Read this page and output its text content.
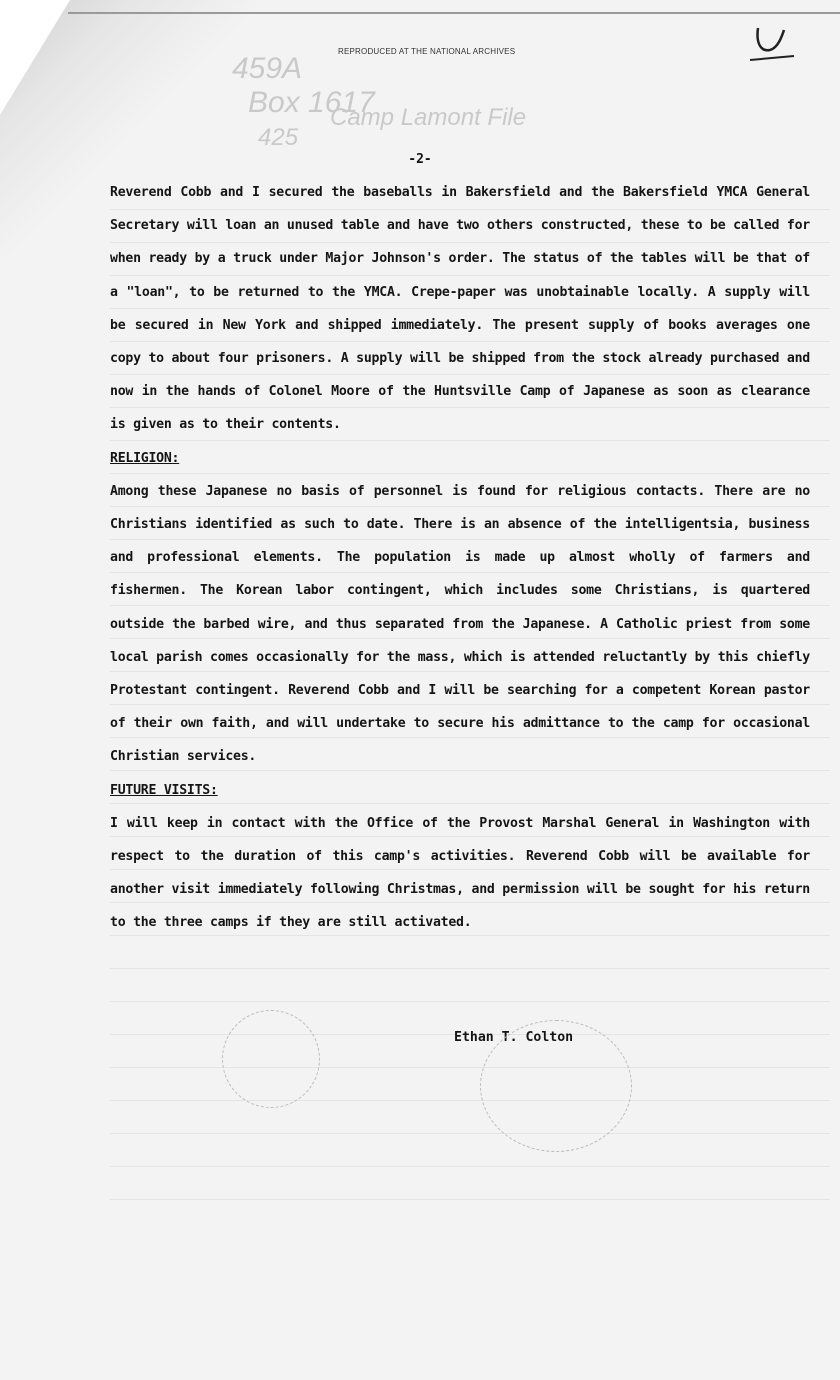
REPRODUCED AT THE NATIONAL ARCHIVES
459A
Box 1617
425
Camp Lamont File
-2-

Reverend Cobb and I secured the baseballs in Bakersfield and the Bakersfield YMCA General Secretary will loan an unused table and have two others constructed, these to be called for when ready by a truck under Major Johnson's order. The status of the tables will be that of a "loan", to be returned to the YMCA. Crepe-paper was unobtainable locally. A supply will be secured in New York and shipped immediately. The present supply of books averages one copy to about four prisoners. A supply will be shipped from the stock already purchased and now in the hands of Colonel Moore of the Huntsville Camp of Japanese as soon as clearance is given as to their contents.

RELIGION:

Among these Japanese no basis of personnel is found for religious contacts. There are no Christians identified as such to date. There is an absence of the intelligentsia, business and professional elements. The population is made up almost wholly of farmers and fishermen. The Korean labor contingent, which includes some Christians, is quartered outside the barbed wire, and thus separated from the Japanese. A Catholic priest from some local parish comes occasionally for the mass, which is attended reluctantly by this chiefly Protestant contingent. Reverend Cobb and I will be searching for a competent Korean pastor of their own faith, and will undertake to secure his admittance to the camp for occasional Christian services.

FUTURE VISITS:

I will keep in contact with the Office of the Provost Marshal General in Washington with respect to the duration of this camp's activities. Reverend Cobb will be available for another visit immediately following Christmas, and permission will be sought for his return to the three camps if they are still activated.

Ethan T. Colton
